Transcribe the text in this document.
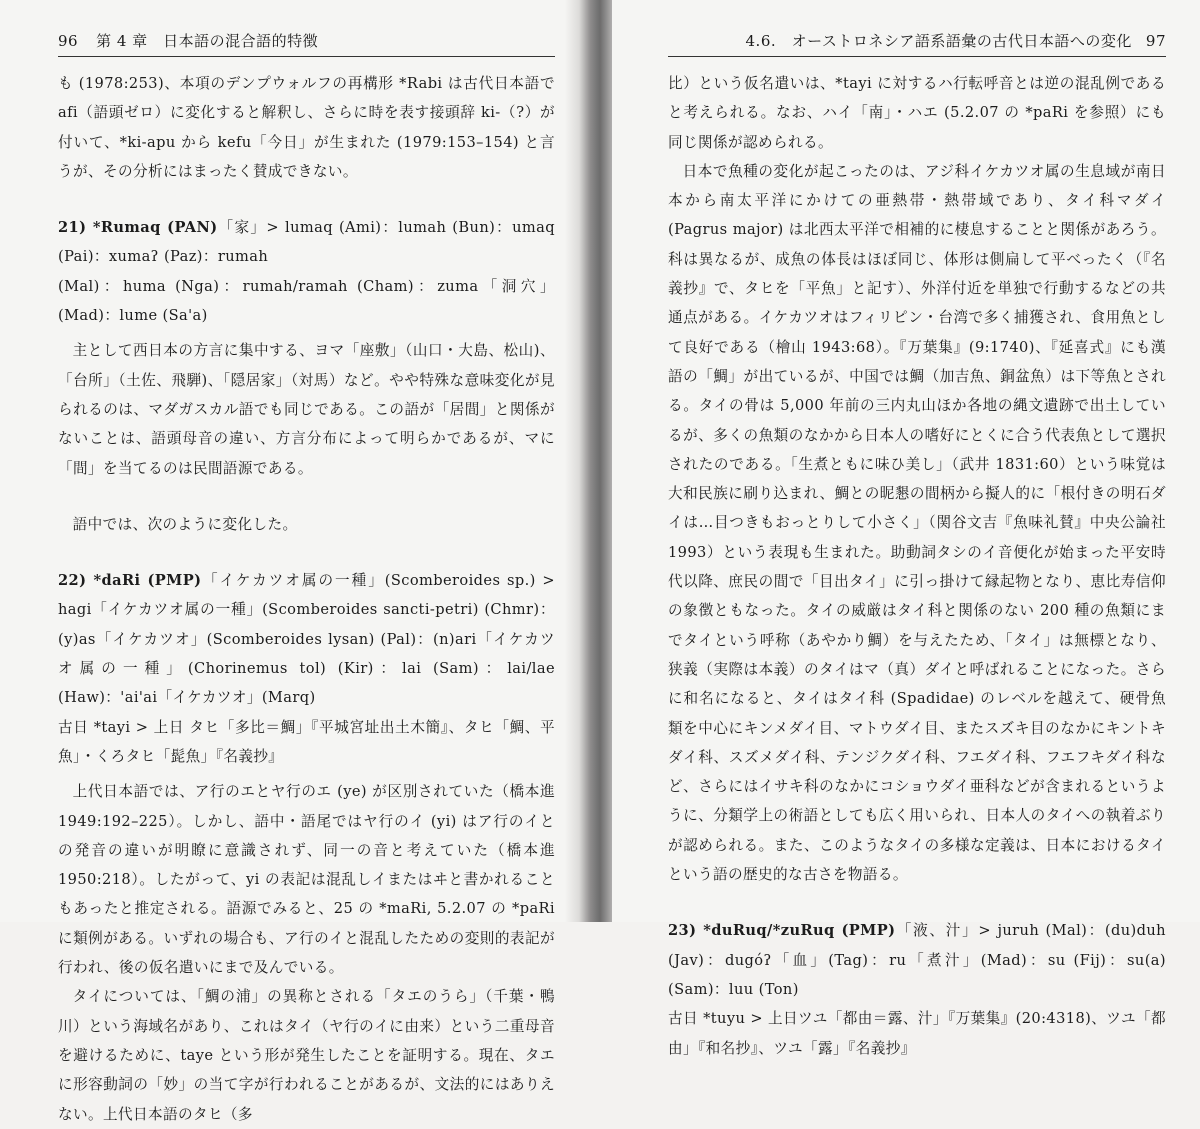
96 第 4 章　日本語の混合語的特徴

も (1978:253)、本項のデンプウォルフの再構形 *Rabi は古代日本語で afi（語頭ゼロ）に変化すると解釈し、さらに時を表す接頭辞 ki-（?）が付いて、*ki-apu から kefu「今日」が生まれた (1979:153–154) と言うが、その分析にはまったく賛成できない。

21) *Rumaq (PAN)「家」> lumaq (Ami)：lumah (Bun)：umaq (Pai)：xumaʔ (Paz)：rumah

(Mal)：huma (Nga)：rumah/ramah (Cham)：zuma「洞穴」(Mad)：lume (Sa'a)

主として西日本の方言に集中する、ヨマ「座敷」（山口・大島、松山)、「台所」（土佐、飛騨)、「隠居家」（対馬）など。やや特殊な意味変化が見られるのは、マダガスカル語でも同じである。この語が「居間」と関係がないことは、語頭母音の違い、方言分布によって明らかであるが、マに「間」を当てるのは民間語源である。

語中では、次のように変化した。

22) *daRi (PMP)「イケカツオ属の一種」(Scomberoides sp.) > hagi「イケカツオ属の一種」(Scomberoides sancti-petri) (Chmr)：(y)as「イケカツオ」(Scomberoides lysan) (Pal)：(n)ari「イケカツオ属の一種」(Chorinemus tol) (Kir)：lai (Sam)：lai/lae (Haw)：'ai'ai「イケカツオ」(Marq)

古日 *tayi > 上日 タヒ「多比＝鯛」『平城宮址出土木簡』、タヒ「鯛、平魚」・くろタヒ「髭魚」『名義抄』

上代日本語では、ア行のエとヤ行のエ (ye) が区別されていた（橋本進 1949:192–225）。しかし、語中・語尾ではヤ行のイ (yi) はア行のイとの発音の違いが明瞭に意識されず、同一の音と考えていた（橋本進 1950:218）。したがって、yi の表記は混乱しイまたはヰと書かれることもあったと推定される。語源でみると、25 の *maRi, 5.2.07 の *paRi に類例がある。いずれの場合も、ア行のイと混乱したための変則的表記が行われ、後の仮名遣いにまで及んでいる。

タイについては、「鯛の浦」の異称とされる「タエのうら」（千葉・鴨川）という海域名があり、これはタイ（ヤ行のイに由来）という二重母音を避けるために、taye という形が発生したことを証明する。現在、タエに形容動詞の「妙」の当て字が行われることがあるが、文法的にはありえない。上代日本語のタヒ（多

4.6.　オーストロネシア語系語彙の古代日本語への変化 97

比）という仮名遣いは、*tayi に対するハ行転呼音とは逆の混乱例であると考えられる。なお、ハイ「南」・ハエ (5.2.07 の *paRi を参照）にも同じ関係が認められる。

日本で魚種の変化が起こったのは、アジ科イケカツオ属の生息域が南日本から南太平洋にかけての亜熱帯・熱帯域であり、タイ科マダイ (Pagrus major) は北西太平洋で相補的に棲息することと関係があろう。科は異なるが、成魚の体長はほぼ同じ、体形は側扁して平べったく（『名義抄』で、タヒを「平魚」と記す）、外洋付近を単独で行動するなどの共通点がある。イケカツオはフィリピン・台湾で多く捕獲され、食用魚として良好である（檜山 1943:68）。『万葉集』(9:1740)、『延喜式』にも漢語の「鯛」が出ているが、中国では鯛（加吉魚、銅盆魚）は下等魚とされる。タイの骨は 5,000 年前の三内丸山ほか各地の縄文遺跡で出土しているが、多くの魚類のなかから日本人の嗜好にとくに合う代表魚として選択されたのである。「生煮ともに味ひ美し」（武井 1831:60）という味覚は大和民族に刷り込まれ、鯛との昵懇の間柄から擬人的に「根付きの明石ダイは…目つきもおっとりして小さく」（関谷文吉『魚味礼賛』中央公論社 1993）という表現も生まれた。助動詞タシのイ音便化が始まった平安時代以降、庶民の間で「目出タイ」に引っ掛けて縁起物となり、恵比寿信仰の象徴ともなった。タイの威厳はタイ科と関係のない 200 種の魚類にまでタイという呼称（あやかり鯛）を与えたため、「タイ」は無標となり、狭義（実際は本義）のタイはマ（真）ダイと呼ばれることになった。さらに和名になると、タイはタイ科 (Spadidae) のレベルを越えて、硬骨魚類を中心にキンメダイ目、マトウダイ目、またスズキ目のなかにキントキダイ科、スズメダイ科、テンジクダイ科、フエダイ科、フエフキダイ科など、さらにはイサキ科のなかにコショウダイ亜科などが含まれるというように、分類学上の術語としても広く用いられ、日本人のタイへの執着ぶりが認められる。また、このようなタイの多様な定義は、日本におけるタイという語の歴史的な古さを物語る。

23) *duRuq/*zuRuq (PMP)「液、汁」> juruh (Mal)：(du)duh (Jav)：dugóʔ「血」(Tag)：ru「煮汁」(Mad)：su (Fij)：su(a) (Sam)：luu (Ton)

古日 *tuyu > 上日ツユ「都由＝露、汁」『万葉集』(20:4318)、ツユ「都由」『和名抄』、ツユ「露」『名義抄』
